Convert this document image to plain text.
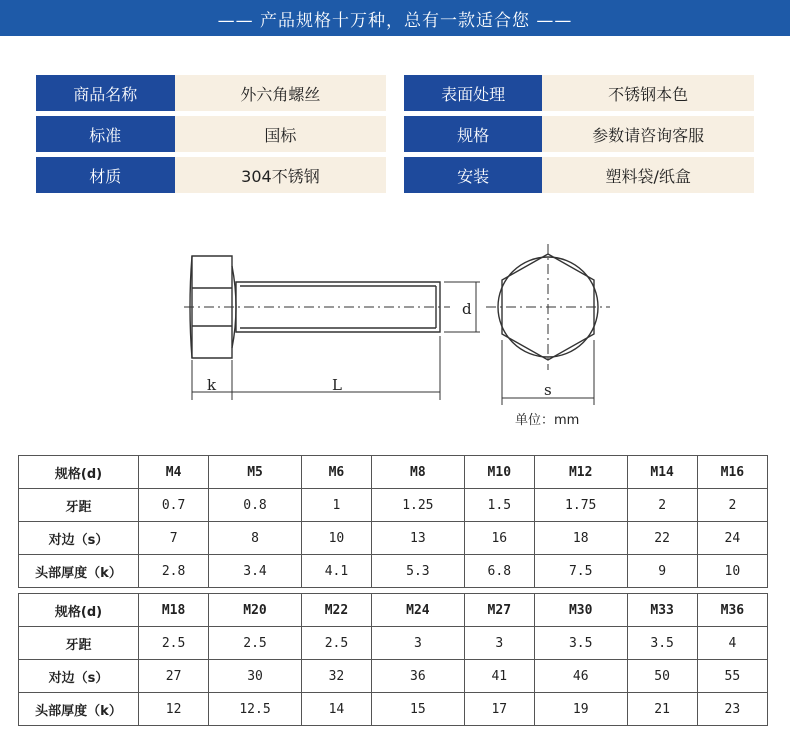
—— 产品规格十万种，总有一款适合您 ——
商品名称	外六角螺丝		表面处理	不锈钢本色
标准	国标		规格	参数请咨询客服
材质	304不锈钢		安装	塑料袋/纸盒
k	L
d
s
单位：mm
规格(d)	M4	M5	M6	M8	M10	M12	M14	M16
牙距	0.7	0.8	1	1.25	1.5	1.75	2	2
对边（s）	7	8	10	13	16	18	22	24
头部厚度（k）	2.8	3.4	4.1	5.3	6.8	7.5	9	10

规格(d)	M18	M20	M22	M24	M27	M30	M33	M36
牙距	2.5	2.5	2.5	3	3	3.5	3.5	4
对边（s）	27	30	32	36	41	46	50	55
头部厚度（k）	12	12.5	14	15	17	19	21	23
